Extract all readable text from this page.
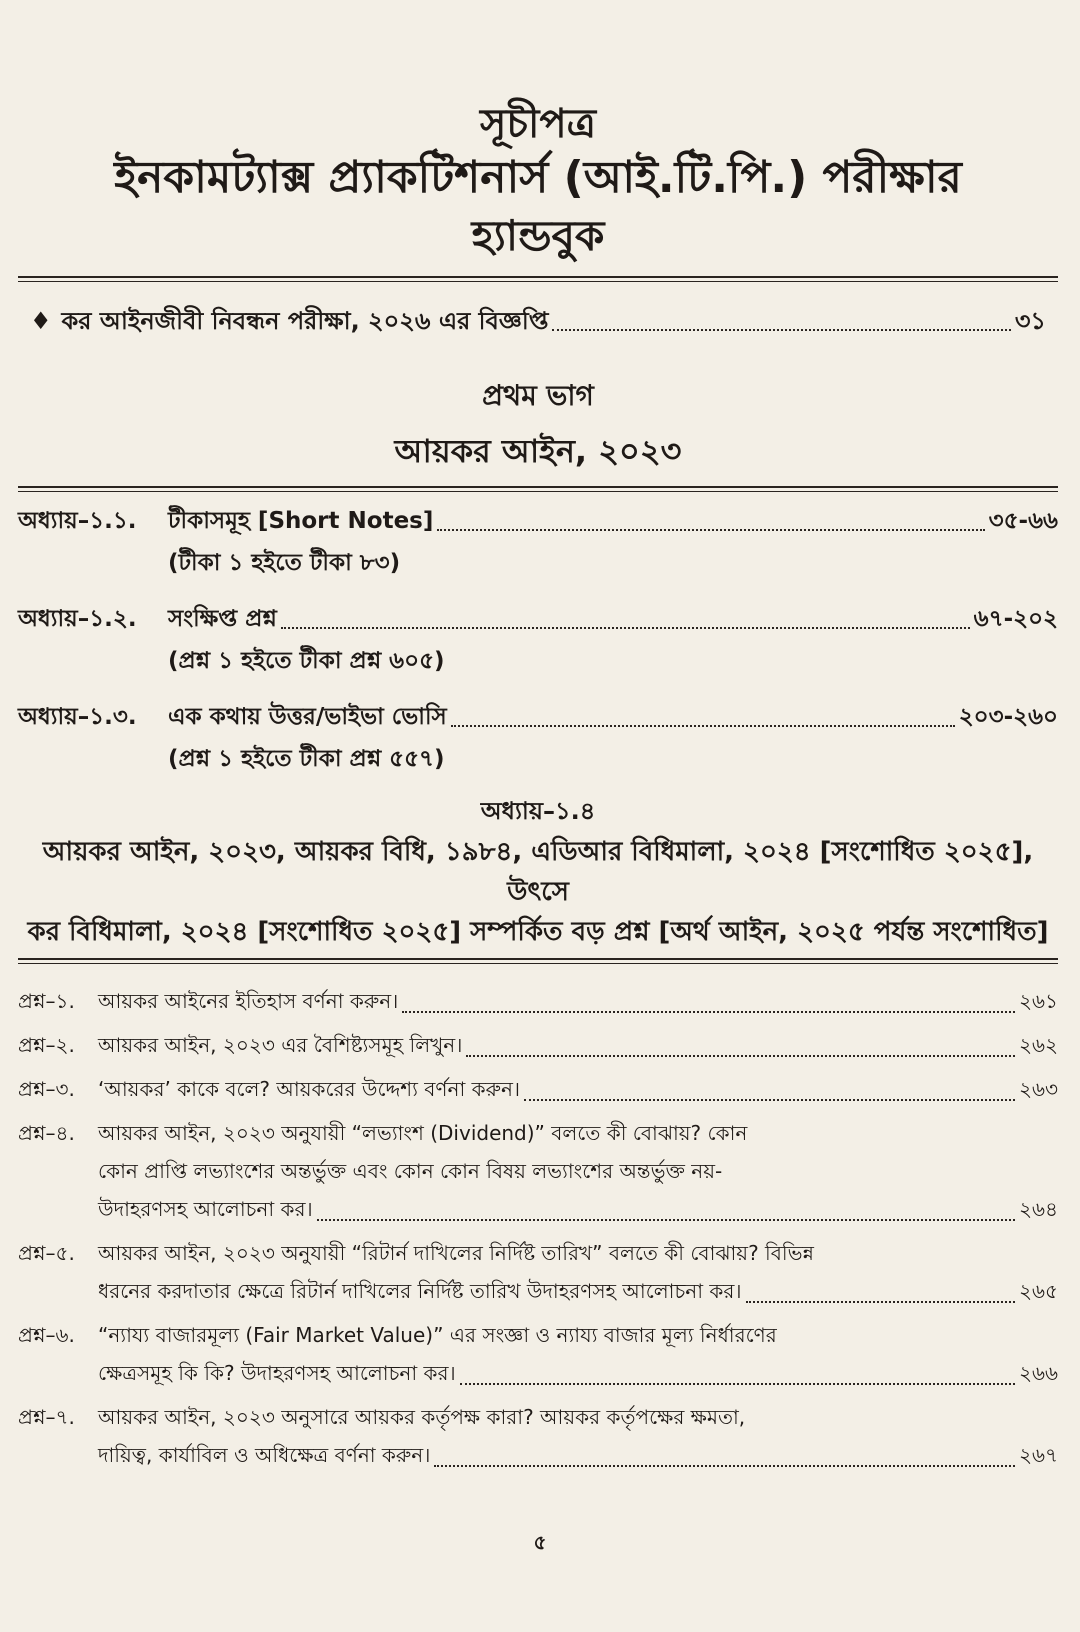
সূচীপত্র
ইনকামট্যাক্স প্র্যাকটিশনার্স (আই.টি.পি.) পরীক্ষার
হ্যান্ডবুক
♦ কর আইনজীবী নিবন্ধন পরীক্ষা, ২০২৬ এর বিজ্ঞপ্তি	৩১
প্রথম ভাগ
আয়কর আইন, ২০২৩
অধ্যায়–১.১.	টীকাসমূহ [Short Notes]	৩৫-৬৬
(টীকা ১ হইতে টীকা ৮৩)
অধ্যায়–১.২.	সংক্ষিপ্ত প্রশ্ন	৬৭-২০২
(প্রশ্ন ১ হইতে টীকা প্রশ্ন ৬০৫)
অধ্যায়–১.৩.	এক কথায় উত্তর/ভাইভা ভোসি	২০৩-২৬০
(প্রশ্ন ১ হইতে টীকা প্রশ্ন ৫৫৭)
অধ্যায়–১.৪
আয়কর আইন, ২০২৩, আয়কর বিধি, ১৯৮৪, এডিআর বিধিমালা, ২০২৪ [সংশোধিত ২০২৫], উৎসে
কর বিধিমালা, ২০২৪ [সংশোধিত ২০২৫] সম্পর্কিত বড় প্রশ্ন [অর্থ আইন, ২০২৫ পর্যন্ত সংশোধিত]
প্রশ্ন–১.	আয়কর আইনের ইতিহাস বর্ণনা করুন।	২৬১
প্রশ্ন–২.	আয়কর আইন, ২০২৩ এর বৈশিষ্ট্যসমূহ লিখুন।	২৬২
প্রশ্ন–৩.	‘আয়কর’ কাকে বলে? আয়করের উদ্দেশ্য বর্ণনা করুন।	২৬৩
প্রশ্ন–৪.	আয়কর আইন, ২০২৩ অনুযায়ী “লভ্যাংশ (Dividend)” বলতে কী বোঝায়? কোন
কোন প্রাপ্তি লভ্যাংশের অন্তর্ভুক্ত এবং কোন কোন বিষয় লভ্যাংশের অন্তর্ভুক্ত নয়-
উদাহরণসহ আলোচনা কর।	২৬৪
প্রশ্ন–৫.	আয়কর আইন, ২০২৩ অনুযায়ী “রিটার্ন দাখিলের নির্দিষ্ট তারিখ” বলতে কী বোঝায়? বিভিন্ন
ধরনের করদাতার ক্ষেত্রে রিটার্ন দাখিলের নির্দিষ্ট তারিখ উদাহরণসহ আলোচনা কর।	২৬৫
প্রশ্ন–৬.	“ন্যায্য বাজারমূল্য (Fair Market Value)” এর সংজ্ঞা ও ন্যায্য বাজার মূল্য নির্ধারণের
ক্ষেত্রসমূহ কি কি? উদাহরণসহ আলোচনা কর।	২৬৬
প্রশ্ন–৭.	আয়কর আইন, ২০২৩ অনুসারে আয়কর কর্তৃপক্ষ কারা? আয়কর কর্তৃপক্ষের ক্ষমতা,
দায়িত্ব, কার্যাবিল ও অধিক্ষেত্র বর্ণনা করুন।	২৬৭
৫
